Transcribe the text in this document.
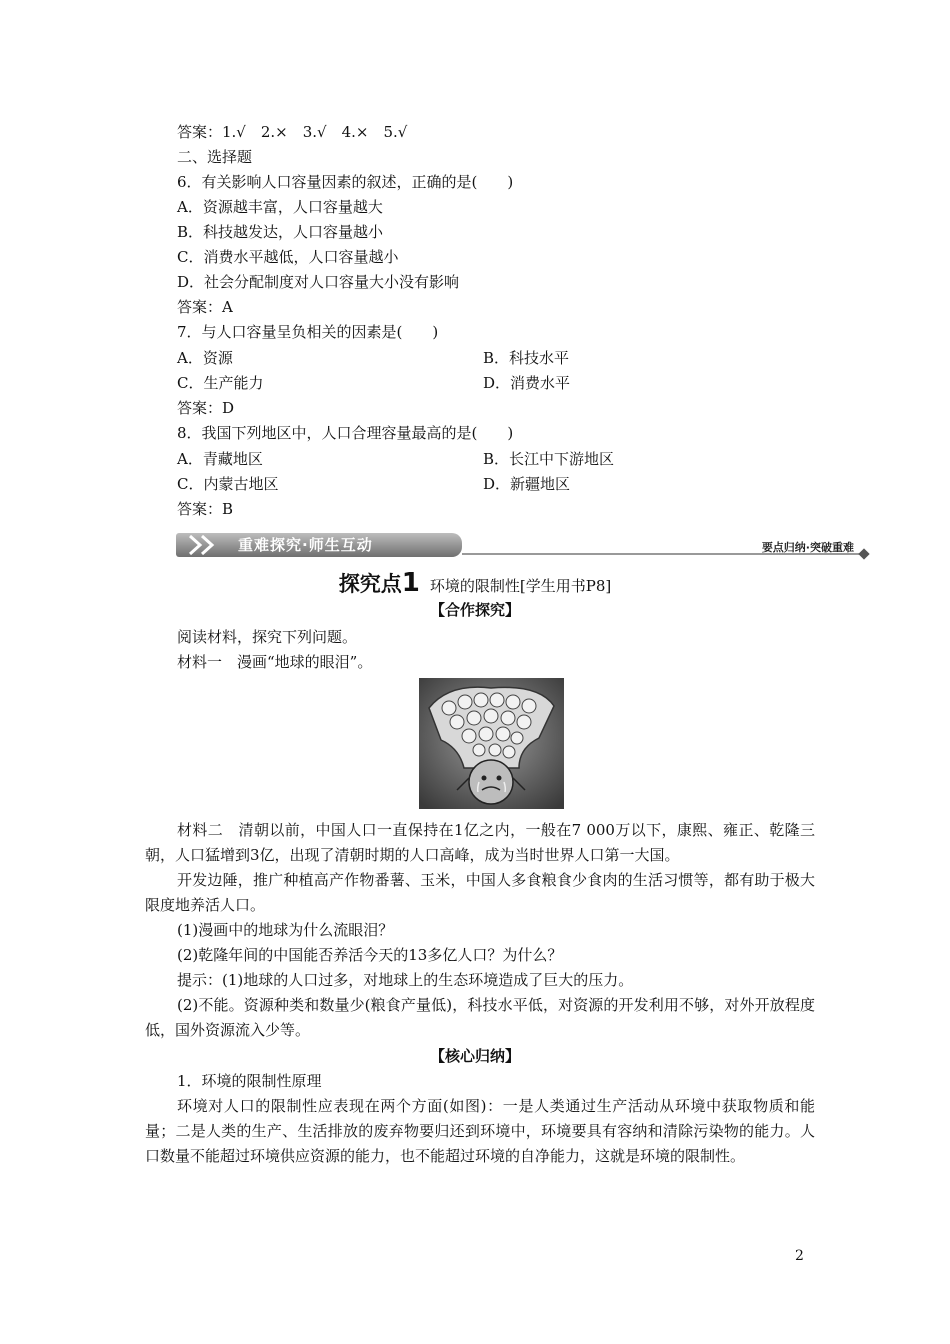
答案：1.√　2.×　3.√　4.×　5.√
二、选择题
6．有关影响人口容量因素的叙述，正确的是(　　)
A．资源越丰富，人口容量越大
B．科技越发达，人口容量越小
C．消费水平越低，人口容量越小
D．社会分配制度对人口容量大小没有影响
答案：A
7．与人口容量呈负相关的因素是(　　)
A．资源	B．科技水平
C．生产能力	D．消费水平
答案：D
8．我国下列地区中，人口合理容量最高的是(　　)
A．青藏地区	B．长江中下游地区
C．内蒙古地区	D．新疆地区
答案：B
重难探究·师生互动	要点归纳·突破重难
探究点1 环境的限制性[学生用书P8]
【合作探究】
阅读材料，探究下列问题。
材料一　漫画“地球的眼泪”。
材料二　清朝以前，中国人口一直保持在1亿之内，一般在7 000万以下，康熙、雍正、乾隆三朝，人口猛增到3亿，出现了清朝时期的人口高峰，成为当时世界人口第一大国。
开发边陲，推广种植高产作物番薯、玉米，中国人多食粮食少食肉的生活习惯等，都有助于极大限度地养活人口。
(1)漫画中的地球为什么流眼泪？
(2)乾隆年间的中国能否养活今天的13多亿人口？为什么？
提示：(1)地球的人口过多，对地球上的生态环境造成了巨大的压力。
(2)不能。资源种类和数量少(粮食产量低)，科技水平低，对资源的开发利用不够，对外开放程度低，国外资源流入少等。
【核心归纳】
1．环境的限制性原理
环境对人口的限制性应表现在两个方面(如图)：一是人类通过生产活动从环境中获取物质和能量；二是人类的生产、生活排放的废弃物要归还到环境中，环境要具有容纳和清除污染物的能力。人口数量不能超过环境供应资源的能力，也不能超过环境的自净能力，这就是环境的限制性。
2
